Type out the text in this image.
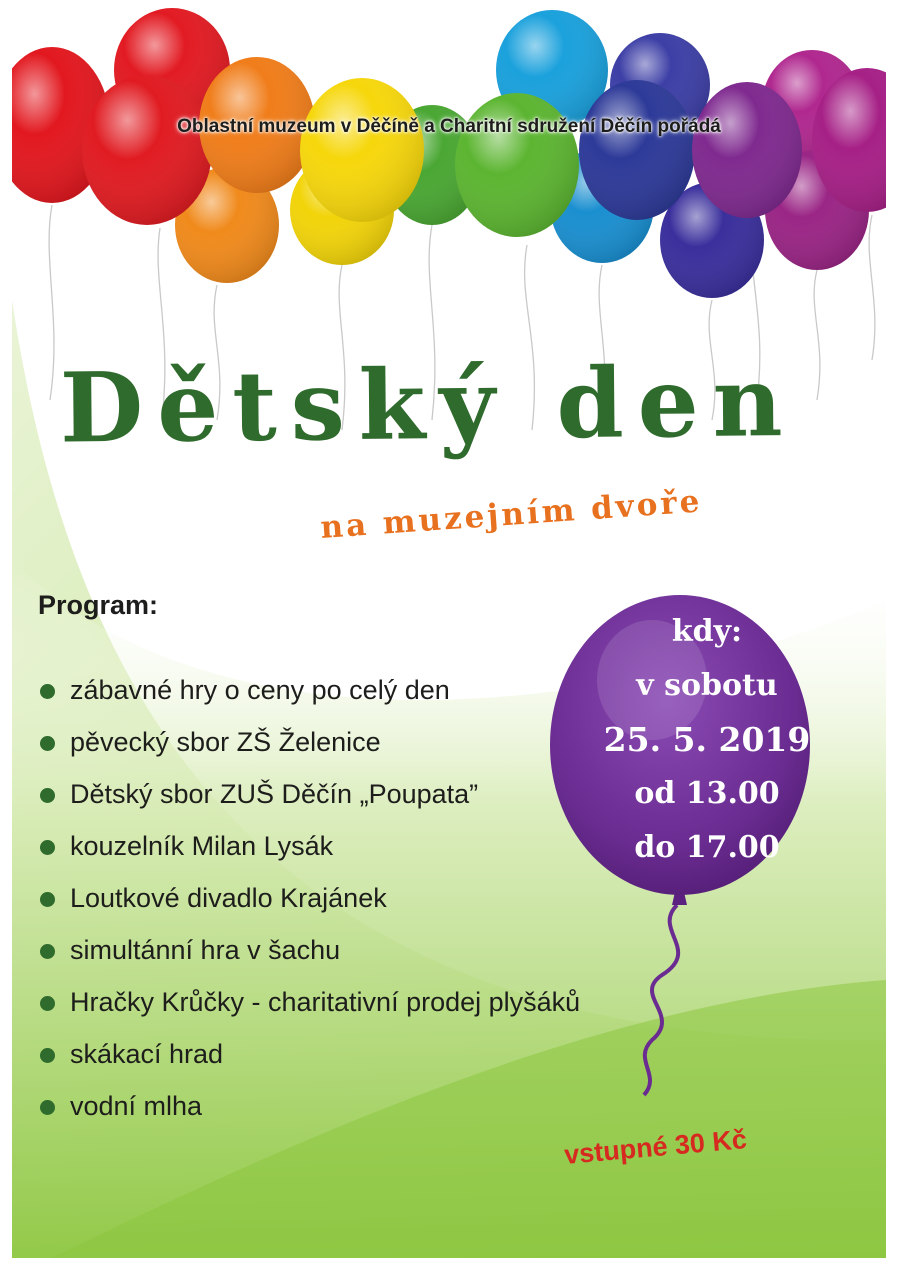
Oblastní muzeum v Děčíně a Charitní sdružení Děčín pořádá
Dětský den
na muzejním dvoře
Program:
zábavné hry o ceny po celý den
pěvecký sbor ZŠ Želenice
Dětský sbor ZUŠ Děčín „Poupata”
kouzelník Milan Lysák
Loutkové divadlo Krajánek
simultánní hra v šachu
Hračky Krůčky - charitativní prodej plyšáků
skákací hrad
vodní mlha
kdy:
v sobotu
25. 5. 2019
od 13.00
do 17.00
vstupné 30 Kč
